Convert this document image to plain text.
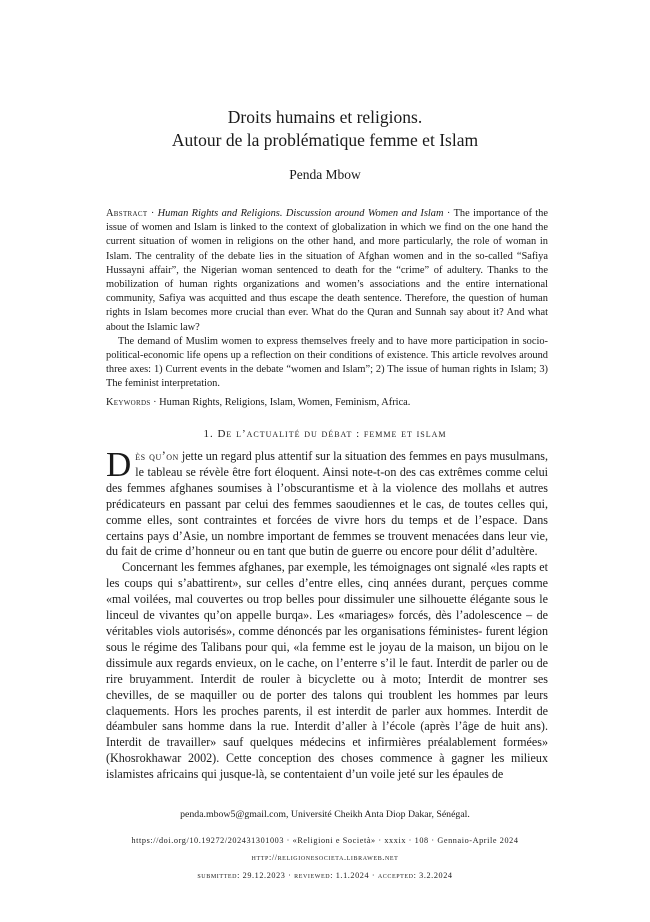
Droits humains et religions.
Autour de la problématique femme et Islam
Penda Mbow

Abstract · Human Rights and Religions. Discussion around Women and Islam · The importance of the issue of women and Islam is linked to the context of globalization in which we find on the one hand the current situation of women in religions on the other hand, and more particularly, the role of woman in Islam. The centrality of the debate lies in the situation of Afghan women and in the so-called “Safiya Hussayni affair”, the Nigerian woman sentenced to death for the “crime” of adultery. Thanks to the mobilization of human rights organizations and women’s associations and the entire international community, Safiya was acquitted and thus escape the death sentence. Therefore, the question of human rights in Islam becomes more crucial than ever. What do the Quran and Sunnah say about it? And what about the Islamic law?

The demand of Muslim women to express themselves freely and to have more participation in socio-political-economic life opens up a reflection on their conditions of existence. This article revolves around three axes: 1) Current events in the debate “women and Islam”; 2) The issue of human rights in Islam; 3) The feminist interpretation.

Keywords · Human Rights, Religions, Islam, Women, Feminism, Africa.

1. De l’actualité du débat : femme et islam

Dès qu’on jette un regard plus attentif sur la situation des femmes en pays musulmans, le tableau se révèle être fort éloquent. Ainsi note-t-on des cas extrêmes comme celui des femmes afghanes soumises à l’obscurantisme et à la violence des mollahs et autres prédicateurs en passant par celui des femmes saoudiennes et le cas, de toutes celles qui, comme elles, sont contraintes et forcées de vivre hors du temps et de l’espace. Dans certains pays d’Asie, un nombre important de femmes se trouvent menacées dans leur vie, du fait de crime d’honneur ou en tant que butin de guerre ou encore pour délit d’adultère.

Concernant les femmes afghanes, par exemple, les témoignages ont signalé «les rapts et les coups qui s’abattirent», sur celles d’entre elles, cinq années durant, perçues comme «mal voilées, mal couvertes ou trop belles pour dissimuler une silhouette élégante sous le linceul de vivantes qu’on appelle burqa». Les «mariages» forcés, dès l’adolescence – de véritables viols autorisés», comme dénoncés par les organisations féministes- furent légion sous le régime des Talibans pour qui, «la femme est le joyau de la maison, un bijou on le dissimule aux regards envieux, on le cache, on l’enterre s’il le faut. Interdit de parler ou de rire bruyamment. Interdit de rouler à bicyclette ou à moto; Interdit de montrer ses chevilles, de se maquiller ou de porter des talons qui troublent les hommes par leurs claquements. Hors les proches parents, il est interdit de parler aux hommes. Interdit de déambuler sans homme dans la rue. Interdit d’aller à l’école (après l’âge de huit ans). Interdit de travailler» sauf quelques médecins et infirmières préalablement formées» (Khosrokhawar 2002). Cette conception des choses commence à gagner les milieux islamistes africains qui jusque-là, se contentaient d’un voile jeté sur les épaules de

penda.mbow5@gmail.com, Université Cheikh Anta Diop Dakar, Sénégal.
https://doi.org/10.19272/202431301003 · «Religioni e Società» · xxxix · 108 · Gennaio-Aprile 2024
http://religionesocieta.libraweb.net
submitted: 29.12.2023 · reviewed: 1.1.2024 · accepted: 3.2.2024
